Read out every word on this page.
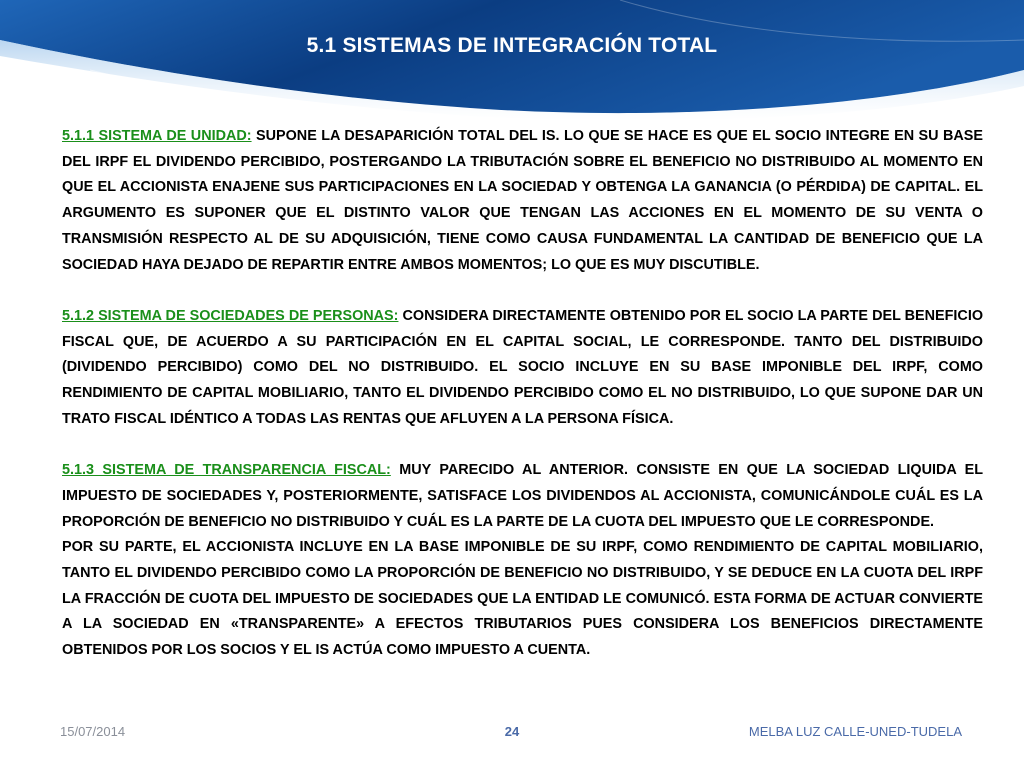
5.1 SISTEMAS DE INTEGRACIÓN TOTAL

5.1.1 SISTEMA DE UNIDAD: SUPONE LA DESAPARICIÓN TOTAL DEL IS. LO QUE SE HACE ES QUE EL SOCIO INTEGRE EN SU BASE DEL IRPF EL DIVIDENDO PERCIBIDO, POSTERGANDO LA TRIBUTACIÓN SOBRE EL BENEFICIO NO DISTRIBUIDO AL MOMENTO EN QUE EL ACCIONISTA ENAJENE SUS PARTICIPACIONES EN LA SOCIEDAD Y OBTENGA LA GANANCIA (O PÉRDIDA) DE CAPITAL. EL ARGUMENTO ES SUPONER QUE EL DISTINTO VALOR QUE TENGAN LAS ACCIONES EN EL MOMENTO DE SU VENTA O TRANSMISIÓN RESPECTO AL DE SU ADQUISICIÓN, TIENE COMO CAUSA FUNDAMENTAL LA CANTIDAD DE BENEFICIO QUE LA SOCIEDAD HAYA DEJADO DE REPARTIR ENTRE AMBOS MOMENTOS; LO QUE ES MUY DISCUTIBLE.

5.1.2 SISTEMA DE SOCIEDADES DE PERSONAS: CONSIDERA DIRECTAMENTE OBTENIDO POR EL SOCIO LA PARTE DEL BENEFICIO FISCAL QUE, DE ACUERDO A SU PARTICIPACIÓN EN EL CAPITAL SOCIAL, LE CORRESPONDE. TANTO DEL DISTRIBUIDO (DIVIDENDO PERCIBIDO) COMO DEL NO DISTRIBUIDO. EL SOCIO INCLUYE EN SU BASE IMPONIBLE DEL IRPF, COMO RENDIMIENTO DE CAPITAL MOBILIARIO, TANTO EL DIVIDENDO PERCIBIDO COMO EL NO DISTRIBUIDO, LO QUE SUPONE DAR UN TRATO FISCAL IDÉNTICO A TODAS LAS RENTAS QUE AFLUYEN A LA PERSONA FÍSICA.

5.1.3 SISTEMA DE TRANSPARENCIA FISCAL: MUY PARECIDO AL ANTERIOR. CONSISTE EN QUE LA SOCIEDAD LIQUIDA EL IMPUESTO DE SOCIEDADES Y, POSTERIORMENTE, SATISFACE LOS DIVIDENDOS AL ACCIONISTA, COMUNICÁNDOLE CUÁL ES LA PROPORCIÓN DE BENEFICIO NO DISTRIBUIDO Y CUÁL ES LA PARTE DE LA CUOTA DEL IMPUESTO QUE LE CORRESPONDE.

POR SU PARTE, EL ACCIONISTA INCLUYE EN LA BASE IMPONIBLE DE SU IRPF, COMO RENDIMIENTO DE CAPITAL MOBILIARIO, TANTO EL DIVIDENDO PERCIBIDO COMO LA PROPORCIÓN DE BENEFICIO NO DISTRIBUIDO, Y SE DEDUCE EN LA CUOTA DEL IRPF LA FRACCIÓN DE CUOTA DEL IMPUESTO DE SOCIEDADES QUE LA ENTIDAD LE COMUNICÓ. ESTA FORMA DE ACTUAR CONVIERTE A LA SOCIEDAD EN «TRANSPARENTE» A EFECTOS TRIBUTARIOS PUES CONSIDERA LOS BENEFICIOS DIRECTAMENTE OBTENIDOS POR LOS SOCIOS Y EL IS ACTÚA COMO IMPUESTO A CUENTA.

15/07/2014	24	MELBA LUZ CALLE-UNED-TUDELA
